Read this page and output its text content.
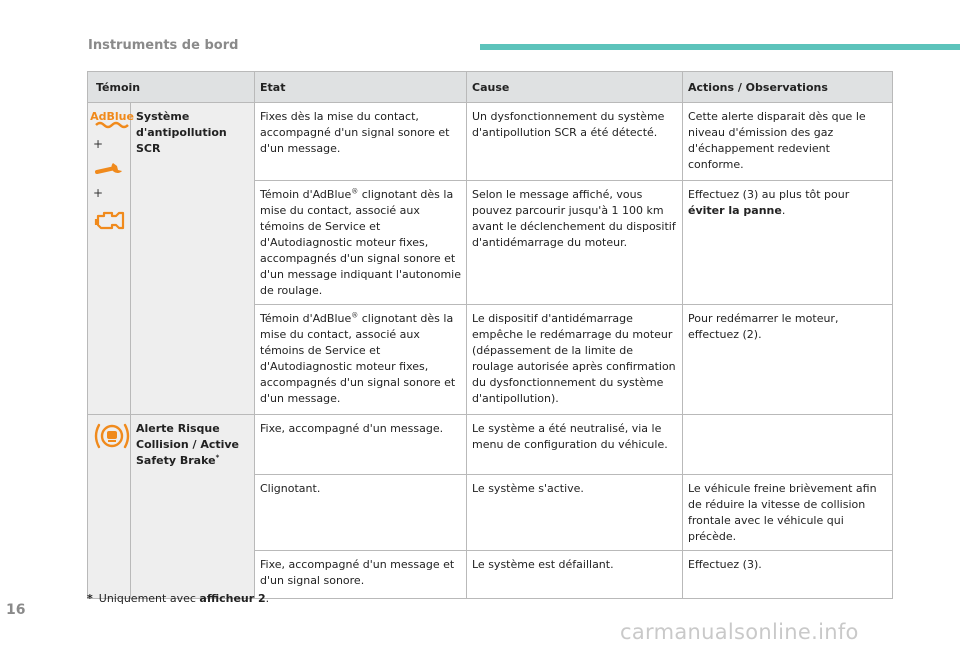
Instruments de bord
Témoin		Etat	Cause	Actions / Observations

AdBlue
+
+	Système d'antipollution SCR	Fixes dès la mise du contact, accompagné d'un signal sonore et d'un message.	Un dysfonctionnement du système d'antipollution SCR a été détecté.	Cette alerte disparait dès que le niveau d'émission des gaz d'échappement redevient conforme.
		Témoin d'AdBlue® clignotant dès la mise du contact, associé aux témoins de Service et d'Autodiagnostic moteur fixes, accompagnés d'un signal sonore et d'un message indiquant l'autonomie de roulage.	Selon le message affiché, vous pouvez parcourir jusqu'à 1 100 km avant le déclenchement du dispositif d'antidémarrage du moteur.	Effectuez (3) au plus tôt pour éviter la panne.
		Témoin d'AdBlue® clignotant dès la mise du contact, associé aux témoins de Service et d'Autodiagnostic moteur fixes, accompagnés d'un signal sonore et d'un message.	Le dispositif d'antidémarrage empêche le redémarrage du moteur (dépassement de la limite de roulage autorisée après confirmation du dysfonctionnement du système d'antipollution).	Pour redémarrer le moteur, effectuez (2).

	Alerte Risque Collision / Active Safety Brake*	Fixe, accompagné d'un message.	Le système a été neutralisé, via le menu de configuration du véhicule.	
		Clignotant.	Le système s'active.	Le véhicule freine brièvement afin de réduire la vitesse de collision frontale avec le véhicule qui précède.
		Fixe, accompagné d'un message et d'un signal sonore.	Le système est défaillant.	Effectuez (3).
* Uniquement avec afficheur 2.
16
carmanualsonline.info
